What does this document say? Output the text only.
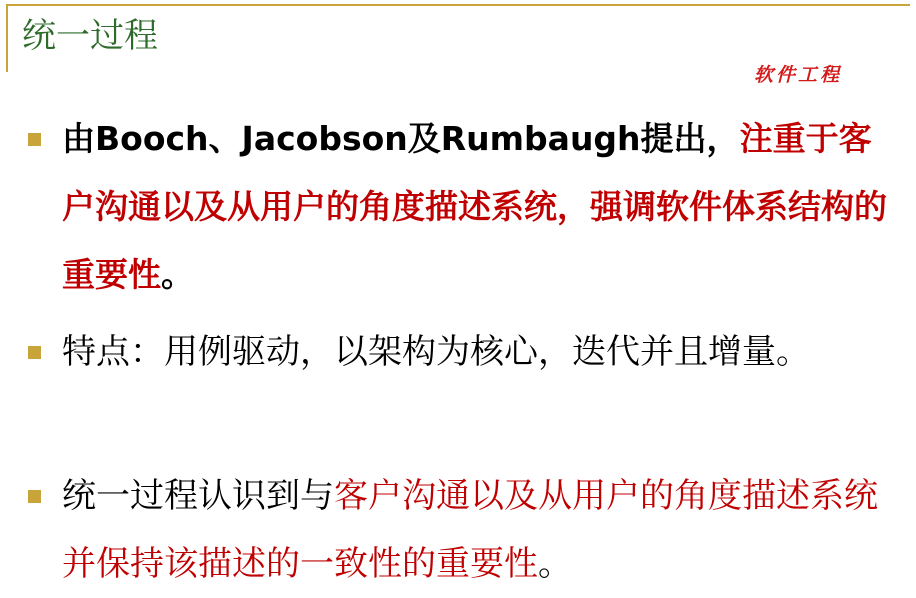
统一过程
软件工程
由Booch、Jacobson及Rumbaugh提出，注重于客户沟通以及从用户的角度描述系统，强调软件体系结构的重要性。
特点：用例驱动，以架构为核心，迭代并且增量。
统一过程认识到与客户沟通以及从用户的角度描述系统并保持该描述的一致性的重要性。
